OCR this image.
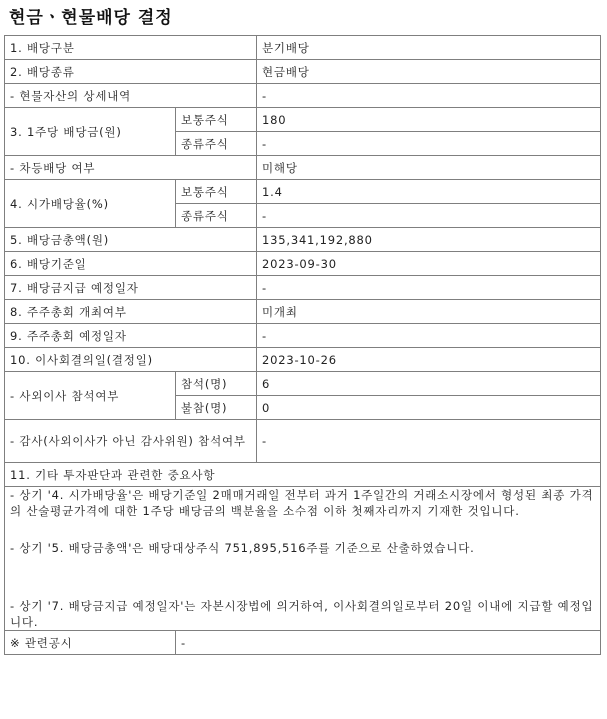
현금ㆍ현물배당 결정
1. 배당구분		분기배당
2. 배당종류		현금배당
- 현물자산의 상세내역		-
3. 1주당 배당금(원)	보통주식	180
	종류주식	-
- 차등배당 여부		미해당
4. 시가배당율(%)	보통주식	1.4
	종류주식	-
5. 배당금총액(원)		135,341,192,880
6. 배당기준일		2023-09-30
7. 배당금지급 예정일자		-
8. 주주총회 개최여부		미개최
9. 주주총회 예정일자		-
10. 이사회결의일(결정일)		2023-10-26
- 사외이사 참석여부	참석(명)	6
	불참(명)	0
- 감사(사외이사가 아닌 감사위원) 참석여부		-
11. 기타 투자판단과 관련한 중요사항		

- 상기 '4. 시가배당율'은 배당기준일 2매매거래일 전부터 과거 1주일간의 거래소시장에서 형성된 최종 가격의 산술평균가격에 대한 1주당 배당금의 백분율을 소수점 이하 첫째자리까지 기재한 것입니다.

- 상기 '5. 배당금총액'은 배당대상주식 751,895,516주를 기준으로 산출하였습니다.

- 상기 '7. 배당금지급 예정일자'는 자본시장법에 의거하여, 이사회결의일로부터 20일 이내에 지급할 예정입니다.		

※ 관련공시	-	
